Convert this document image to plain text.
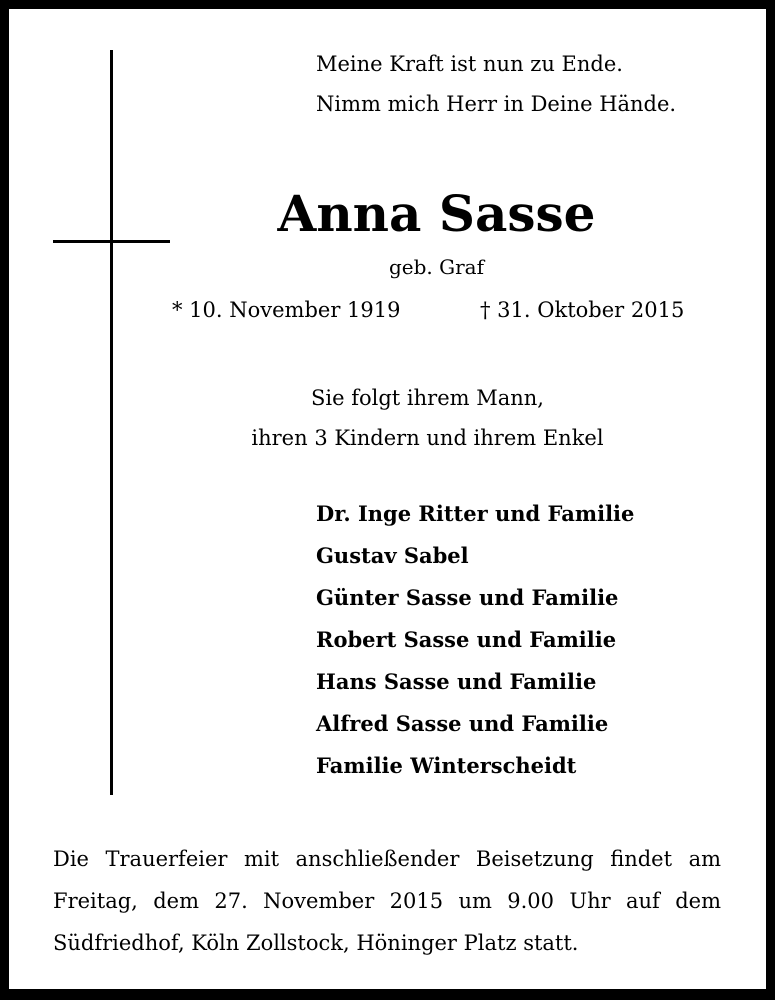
Meine Kraft ist nun zu Ende.
Nimm mich Herr in Deine Hände.
Anna Sasse
geb. Graf
* 10. November 1919	† 31. Oktober 2015
Sie folgt ihrem Mann,
ihren 3 Kindern und ihrem Enkel
Dr. Inge Ritter und Familie
Gustav Sabel
Günter Sasse und Familie
Robert Sasse und Familie
Hans Sasse und Familie
Alfred Sasse und Familie
Familie Winterscheidt
Die Trauerfeier mit anschließender Beisetzung findet am
Freitag, dem 27. November 2015 um 9.00 Uhr auf dem
Südfriedhof, Köln Zollstock, Höninger Platz statt.
